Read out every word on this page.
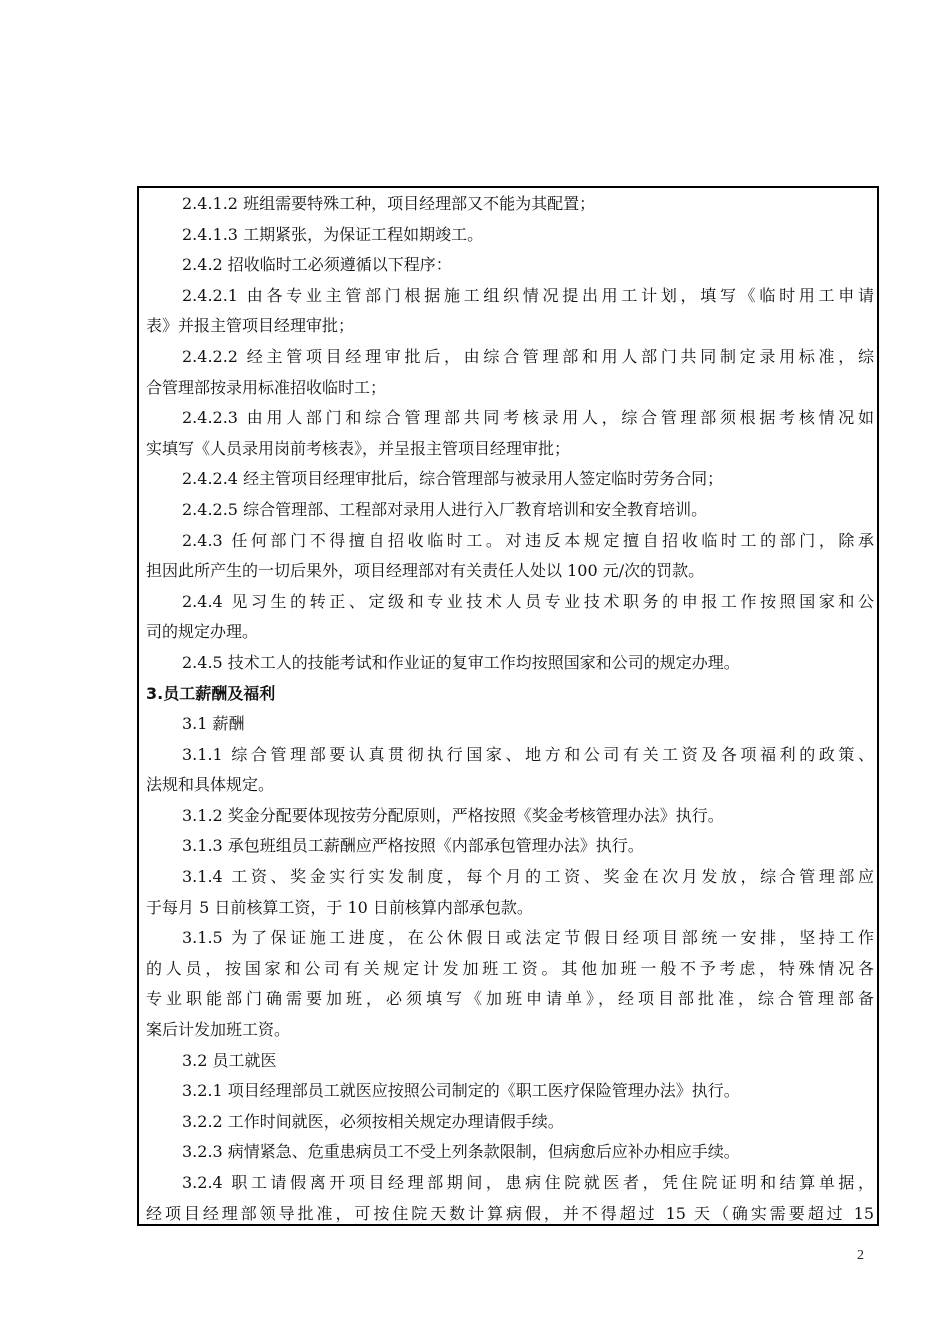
2.4.1.2 班组需要特殊工种，项目经理部又不能为其配置；
2.4.1.3 工期紧张，为保证工程如期竣工。
2.4.2 招收临时工必须遵循以下程序：
2.4.2.1 由各专业主管部门根据施工组织情况提出用工计划，填写《临时用工申请
表》并报主管项目经理审批；
2.4.2.2 经主管项目经理审批后，由综合管理部和用人部门共同制定录用标准，综
合管理部按录用标准招收临时工；
2.4.2.3 由用人部门和综合管理部共同考核录用人，综合管理部须根据考核情况如
实填写《人员录用岗前考核表》，并呈报主管项目经理审批；
2.4.2.4 经主管项目经理审批后，综合管理部与被录用人签定临时劳务合同；
2.4.2.5 综合管理部、工程部对录用人进行入厂教育培训和安全教育培训。
2.4.3 任何部门不得擅自招收临时工。对违反本规定擅自招收临时工的部门，除承
担因此所产生的一切后果外，项目经理部对有关责任人处以 100 元/次的罚款。
2.4.4 见习生的转正、定级和专业技术人员专业技术职务的申报工作按照国家和公
司的规定办理。
2.4.5 技术工人的技能考试和作业证的复审工作均按照国家和公司的规定办理。
3.员工薪酬及福利
3.1 薪酬
3.1.1 综合管理部要认真贯彻执行国家、地方和公司有关工资及各项福利的政策、
法规和具体规定。
3.1.2 奖金分配要体现按劳分配原则，严格按照《奖金考核管理办法》执行。
3.1.3 承包班组员工薪酬应严格按照《内部承包管理办法》执行。
3.1.4 工资、奖金实行实发制度，每个月的工资、奖金在次月发放，综合管理部应
于每月 5 日前核算工资，于 10 日前核算内部承包款。
3.1.5 为了保证施工进度，在公休假日或法定节假日经项目部统一安排，坚持工作
的人员，按国家和公司有关规定计发加班工资。其他加班一般不予考虑，特殊情况各
专业职能部门确需要加班，必须填写《加班申请单》，经项目部批准，综合管理部备
案后计发加班工资。
3.2 员工就医
3.2.1 项目经理部员工就医应按照公司制定的《职工医疗保险管理办法》执行。
3.2.2 工作时间就医，必须按相关规定办理请假手续。
3.2.3 病情紧急、危重患病员工不受上列条款限制，但病愈后应补办相应手续。
3.2.4 职工请假离开项目经理部期间，患病住院就医者，凭住院证明和结算单据，
经项目经理部领导批准，可按住院天数计算病假，并不得超过 15 天（确实需要超过 15
2
